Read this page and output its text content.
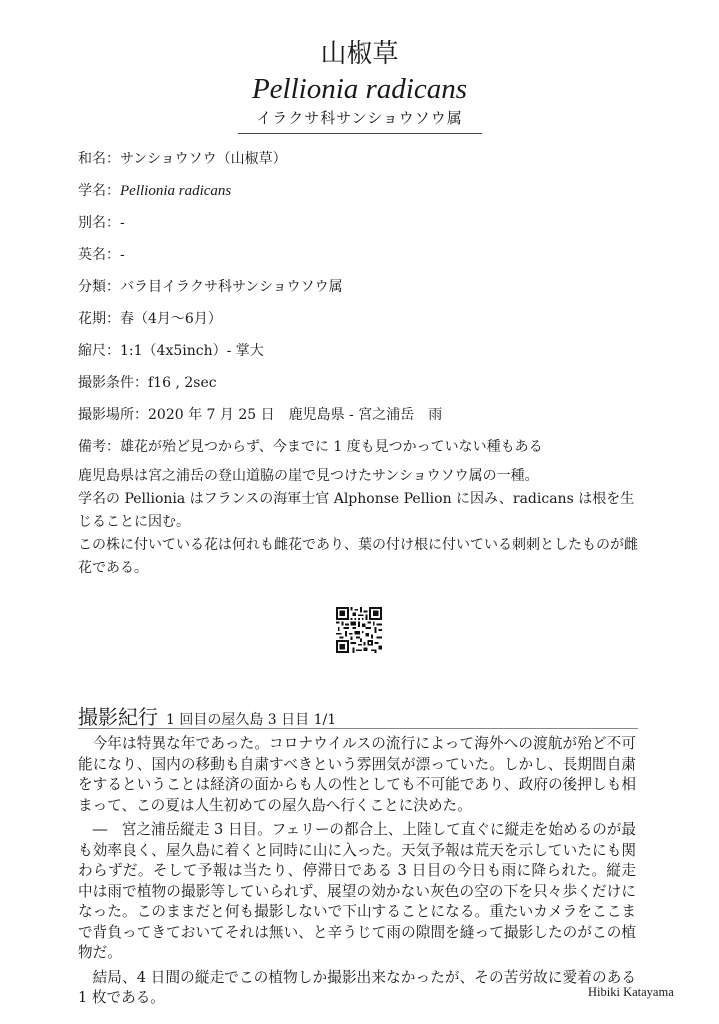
山椒草
Pellionia radicans
イラクサ科サンショウソウ属

和名：サンショウソウ（山椒草）

学名：Pellionia radicans

別名：-

英名：-

分類：バラ目イラクサ科サンショウソウ属

花期：春（4月～6月）

縮尺：1:1（4x5inch）- 掌大

撮影条件：f16 , 2sec

撮影場所：2020 年 7 月 25 日　鹿児島県 - 宮之浦岳　雨

備考：雄花が殆ど見つからず、今までに 1 度も見つかっていない種もある

鹿児島県は宮之浦岳の登山道脇の崖で見つけたサンショウソウ属の一種。

学名の Pellionia はフランスの海軍士官 Alphonse Pellion に因み、radicans は根を生じることに因む。

この株に付いている花は何れも雌花であり、葉の付け根に付いている刺刺としたものが雌花である。

撮影紀行 1 回目の屋久島 3 日目 1/1

今年は特異な年であった。コロナウイルスの流行によって海外への渡航が殆ど不可能になり、国内の移動も自粛すべきという雰囲気が漂っていた。しかし、長期間自粛をするということは経済の面からも人の性としても不可能であり、政府の後押しも相まって、この夏は人生初めての屋久島へ行くことに決めた。

―　宮之浦岳縦走 3 日目。フェリーの都合上、上陸して直ぐに縦走を始めるのが最も効率良く、屋久島に着くと同時に山に入った。天気予報は荒天を示していたにも関わらずだ。そして予報は当たり、停滞日である 3 日目の今日も雨に降られた。縦走中は雨で植物の撮影等していられず、展望の効かない灰色の空の下を只々歩くだけになった。このままだと何も撮影しないで下山することになる。重たいカメラをここまで背負ってきておいてそれは無い、と辛うじて雨の隙間を縫って撮影したのがこの植物だ。

結局、4 日間の縦走でこの植物しか撮影出来なかったが、その苦労故に愛着のある 1 枚である。	Hibiki Katayama
